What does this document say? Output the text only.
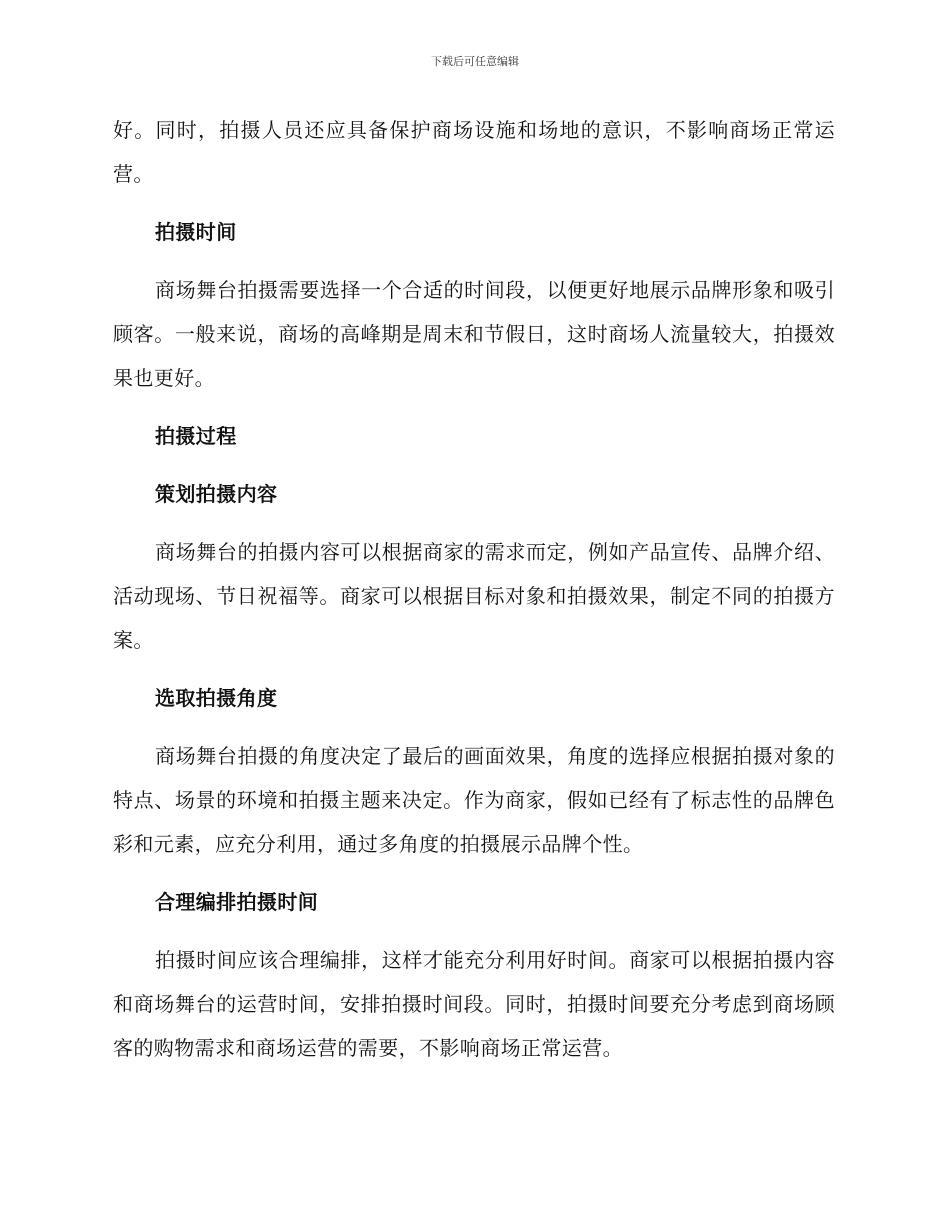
下载后可任意编辑

好。同时，拍摄人员还应具备保护商场设施和场地的意识，不影响商场正常运营。

拍摄时间

商场舞台拍摄需要选择一个合适的时间段，以便更好地展示品牌形象和吸引顾客。一般来说，商场的高峰期是周末和节假日，这时商场人流量较大，拍摄效果也更好。

拍摄过程
策划拍摄内容

商场舞台的拍摄内容可以根据商家的需求而定，例如产品宣传、品牌介绍、活动现场、节日祝福等。商家可以根据目标对象和拍摄效果，制定不同的拍摄方案。

选取拍摄角度

商场舞台拍摄的角度决定了最后的画面效果，角度的选择应根据拍摄对象的特点、场景的环境和拍摄主题来决定。作为商家，假如已经有了标志性的品牌色彩和元素，应充分利用，通过多角度的拍摄展示品牌个性。

合理编排拍摄时间

拍摄时间应该合理编排，这样才能充分利用好时间。商家可以根据拍摄内容和商场舞台的运营时间，安排拍摄时间段。同时，拍摄时间要充分考虑到商场顾客的购物需求和商场运营的需要，不影响商场正常运营。
